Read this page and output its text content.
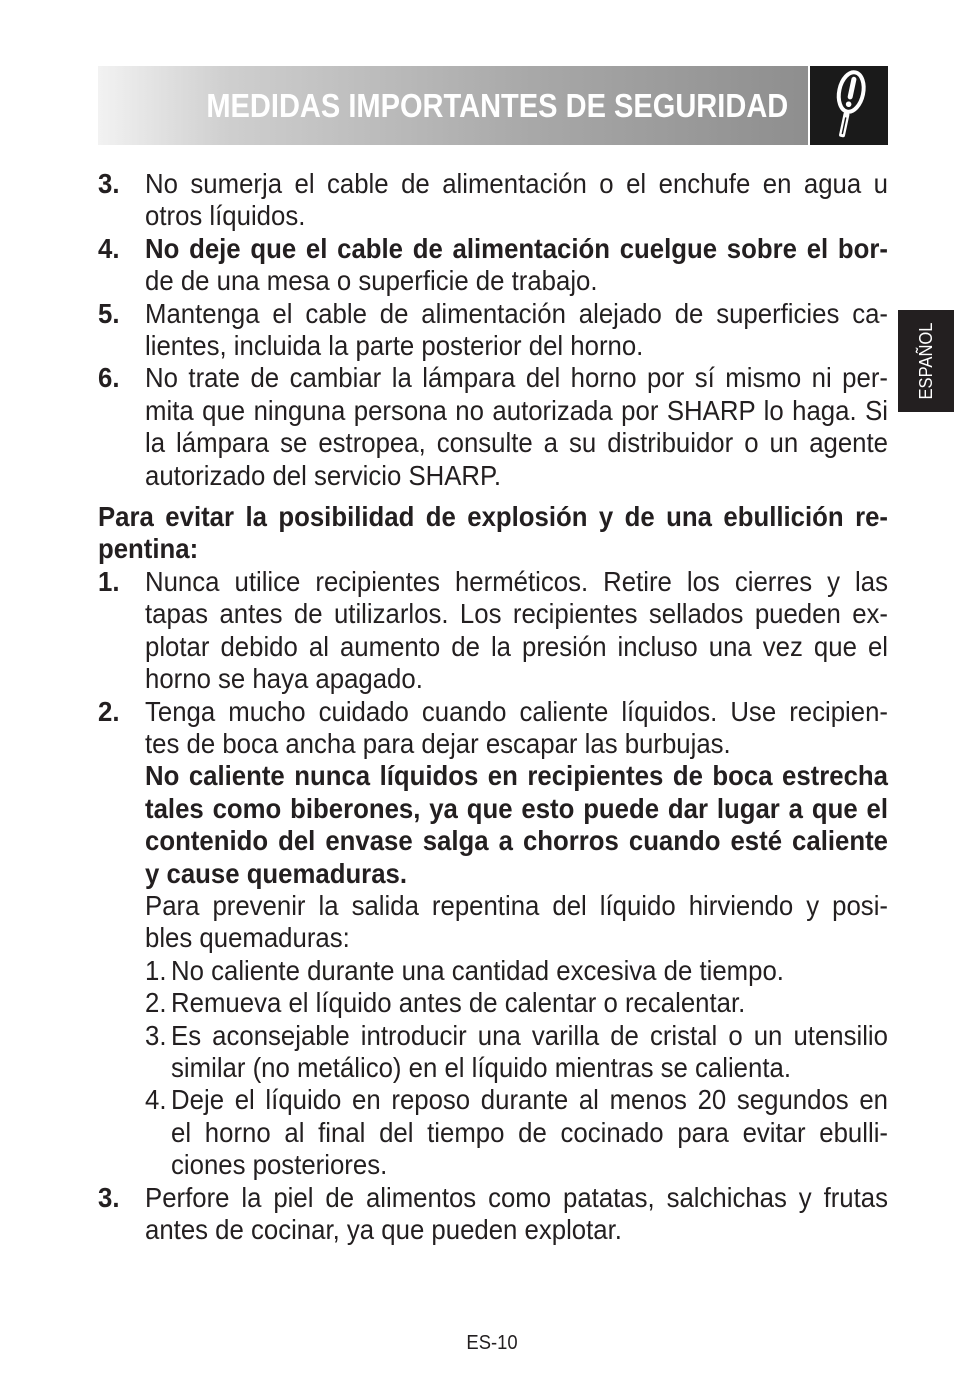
MEDIDAS IMPORTANTES DE SEGURIDAD
ESPAÑOL
3. No sumerja el cable de alimentación o el enchufe en agua u
otros líquidos.
4. No deje que el cable de alimentación cuelgue sobre el bor-
de de una mesa o superficie de trabajo.
5. Mantenga el cable de alimentación alejado de superficies ca-
lientes, incluida la parte posterior del horno.
6. No trate de cambiar la lámpara del horno por sí mismo ni per-
mita que ninguna persona no autorizada por SHARP lo haga. Si
la lámpara se estropea, consulte a su distribuidor o un agente
autorizado del servicio SHARP.
Para evitar la posibilidad de explosión y de una ebullición re-
pentina:
1. Nunca utilice recipientes herméticos. Retire los cierres y las
tapas antes de utilizarlos. Los recipientes sellados pueden ex-
plotar debido al aumento de la presión incluso una vez que el
horno se haya apagado.
2. Tenga mucho cuidado cuando caliente líquidos. Use recipien-
tes de boca ancha para dejar escapar las burbujas.
No caliente nunca líquidos en recipientes de boca estrecha
tales como biberones, ya que esto puede dar lugar a que el
contenido del envase salga a chorros cuando esté caliente
y cause quemaduras.
Para prevenir la salida repentina del líquido hirviendo y posi-
bles quemaduras:
1. No caliente durante una cantidad excesiva de tiempo.
2. Remueva el líquido antes de calentar o recalentar.
3. Es aconsejable introducir una varilla de cristal o un utensilio
similar (no metálico) en el líquido mientras se calienta.
4. Deje el líquido en reposo durante al menos 20 segundos en
el horno al final del tiempo de cocinado para evitar ebulli-
ciones posteriores.
3. Perfore la piel de alimentos como patatas, salchichas y frutas
antes de cocinar, ya que pueden explotar.
ES-10
